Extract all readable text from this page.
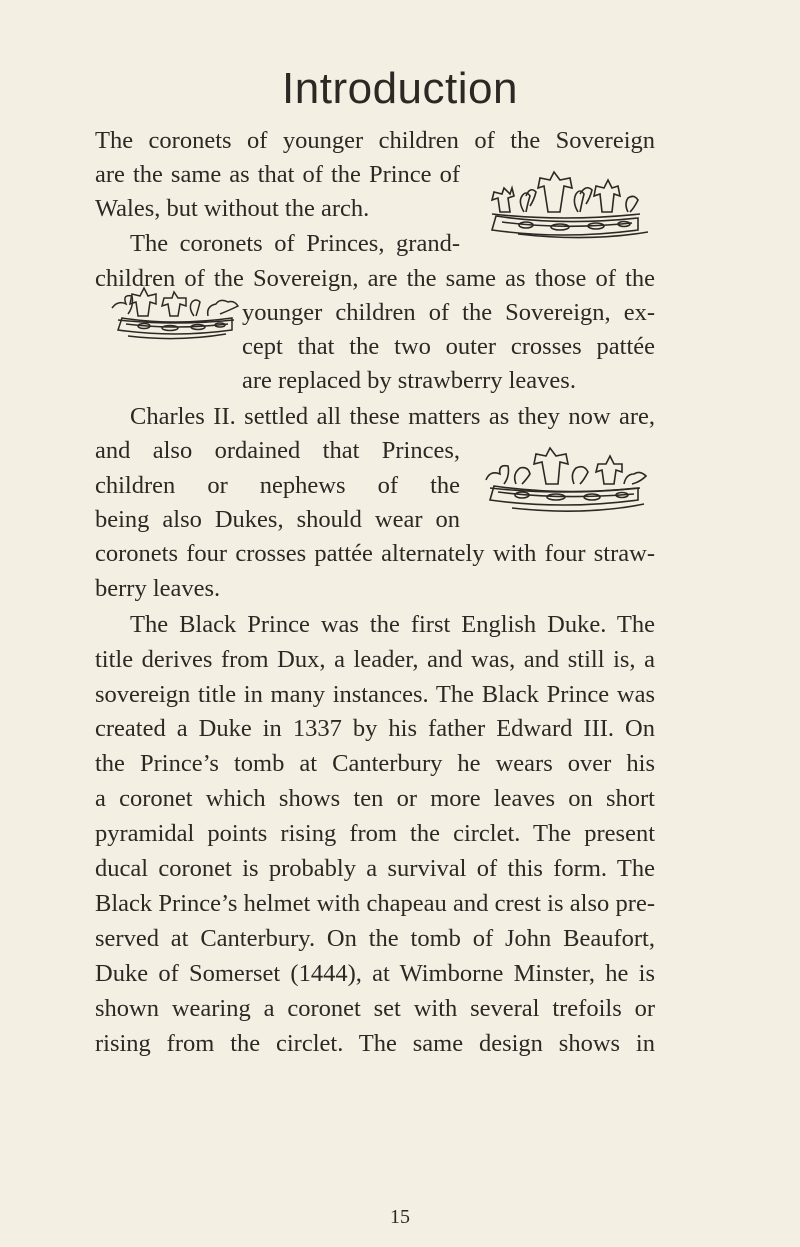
Introduction
The coronets of younger children of the Sovereign
are the same as that of the Prince of
Wales, but without the arch.
The coronets of Princes, grand-
children of the Sovereign, are the same as those of the
younger children of the Sovereign, ex-
cept that the two outer crosses pattée
are replaced by strawberry leaves.
Charles II. settled all these matters as they now are,
and also ordained that Princes,
children or nephews of the
being also Dukes, should wear on
coronets four crosses pattée alternately with four straw-
berry leaves.
The Black Prince was the first English Duke. The
title derives from Dux, a leader, and was, and still is, a
sovereign title in many instances. The Black Prince was
created a Duke in 1337 by his father Edward III. On
the Prince’s tomb at Canterbury he wears over his
a coronet which shows ten or more leaves on short
pyramidal points rising from the circlet. The present
ducal coronet is probably a survival of this form. The
Black Prince’s helmet with chapeau and crest is also pre-
served at Canterbury. On the tomb of John Beaufort,
Duke of Somerset (1444), at Wimborne Minster, he is
shown wearing a coronet set with several trefoils or
rising from the circlet. The same design shows in
15
